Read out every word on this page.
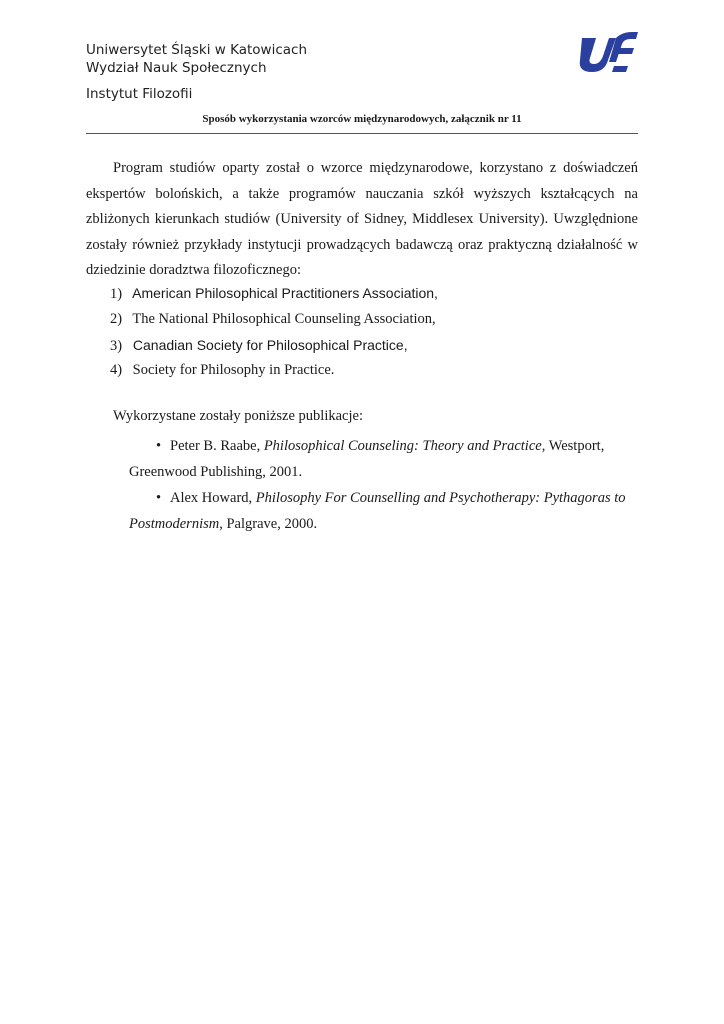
Uniwersytet Śląski w Katowicach
Wydział Nauk Społecznych
Instytut Filozofii
Sposób wykorzystania wzorców międzynarodowych, załącznik nr 11

Program studiów oparty został o wzorce międzynarodowe, korzystano z doświadczeń ekspertów bolońskich, a także programów nauczania szkół wyższych kształcących na zbliżonych kierunkach studiów (University of Sidney, Middlesex University). Uwzględnione zostały również przykłady instytucji prowadzących badawczą oraz praktyczną działalność w dziedzinie doradztwa filozoficznego:

1) American Philosophical Practitioners Association,
2) The National Philosophical Counseling Association,
3) Canadian Society for Philosophical Practice,
4) Society for Philosophy in Practice.
Wykorzystane zostały poniższe publikacje:
• Peter B. Raabe, Philosophical Counseling: Theory and Practice, Westport,
Greenwood Publishing, 2001.
• Alex Howard, Philosophy For Counselling and Psychotherapy: Pythagoras to
Postmodernism, Palgrave, 2000.
